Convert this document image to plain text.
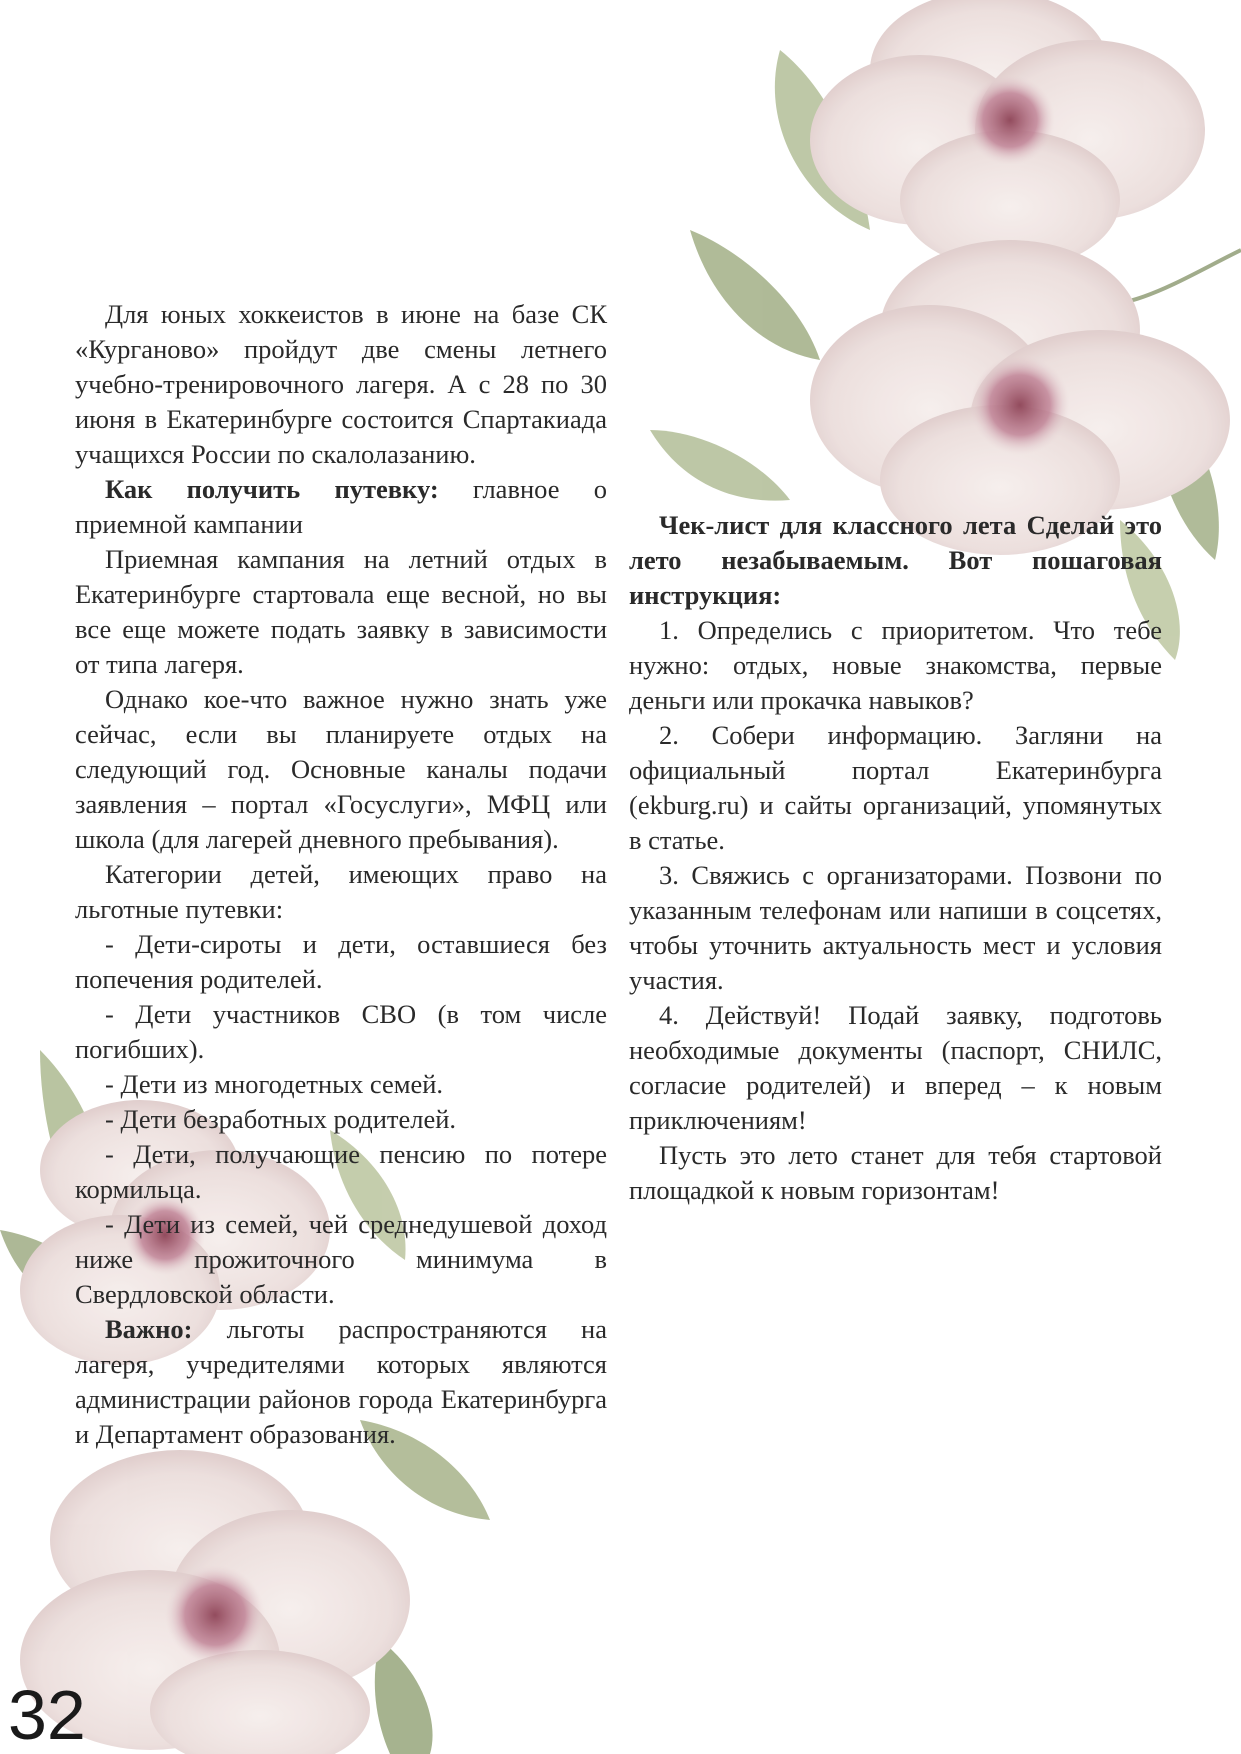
Для юных хоккеистов в июне на базе СК «Курганово» пройдут две смены летнего учебно-тренировочного лагеря. А с 28 по 30 июня в Екатеринбурге состоится Спартакиада учащихся России по скалолазанию.

Как получить путевку: главное о приемной кампании

Приемная кампания на летний отдых в Екатеринбурге стартовала еще весной, но вы все еще можете подать заявку в зависимости от типа лагеря.

Однако кое-что важное нужно знать уже сейчас, если вы планируете отдых на следующий год. Основные каналы подачи заявления – портал «Госуслуги», МФЦ или школа (для лагерей дневного пребывания).

Категории детей, имеющих право на льготные путевки:

- Дети-сироты и дети, оставшиеся без попечения родителей.

- Дети участников СВО (в том числе погибших).

- Дети из многодетных семей.

- Дети безработных родителей.

- Дети, получающие пенсию по потере кормильца.

- Дети из семей, чей среднедушевой доход ниже прожиточного минимума в Свердловской области.

Важно: льготы распространяются на лагеря, учредителями которых являются администрации районов города Екатеринбурга и Департамент образования.

Чек-лист для классного лета Сделай это лето незабываемым. Вот пошаговая инструкция:

1. Определись с приоритетом. Что тебе нужно: отдых, новые знакомства, первые деньги или прокачка навыков?

2. Собери информацию. Загляни на официальный портал Екатеринбурга (ekburg.ru) и сайты организаций, упомянутых в статье.

3. Свяжись с организаторами. Позвони по указанным телефонам или напиши в соцсетях, чтобы уточнить актуальность мест и условия участия.

4. Действуй! Подай заявку, подготовь необходимые документы (паспорт, СНИЛС, согласие родителей) и вперед – к новым приключениям!

Пусть это лето станет для тебя стартовой площадкой к новым горизонтам!

32
